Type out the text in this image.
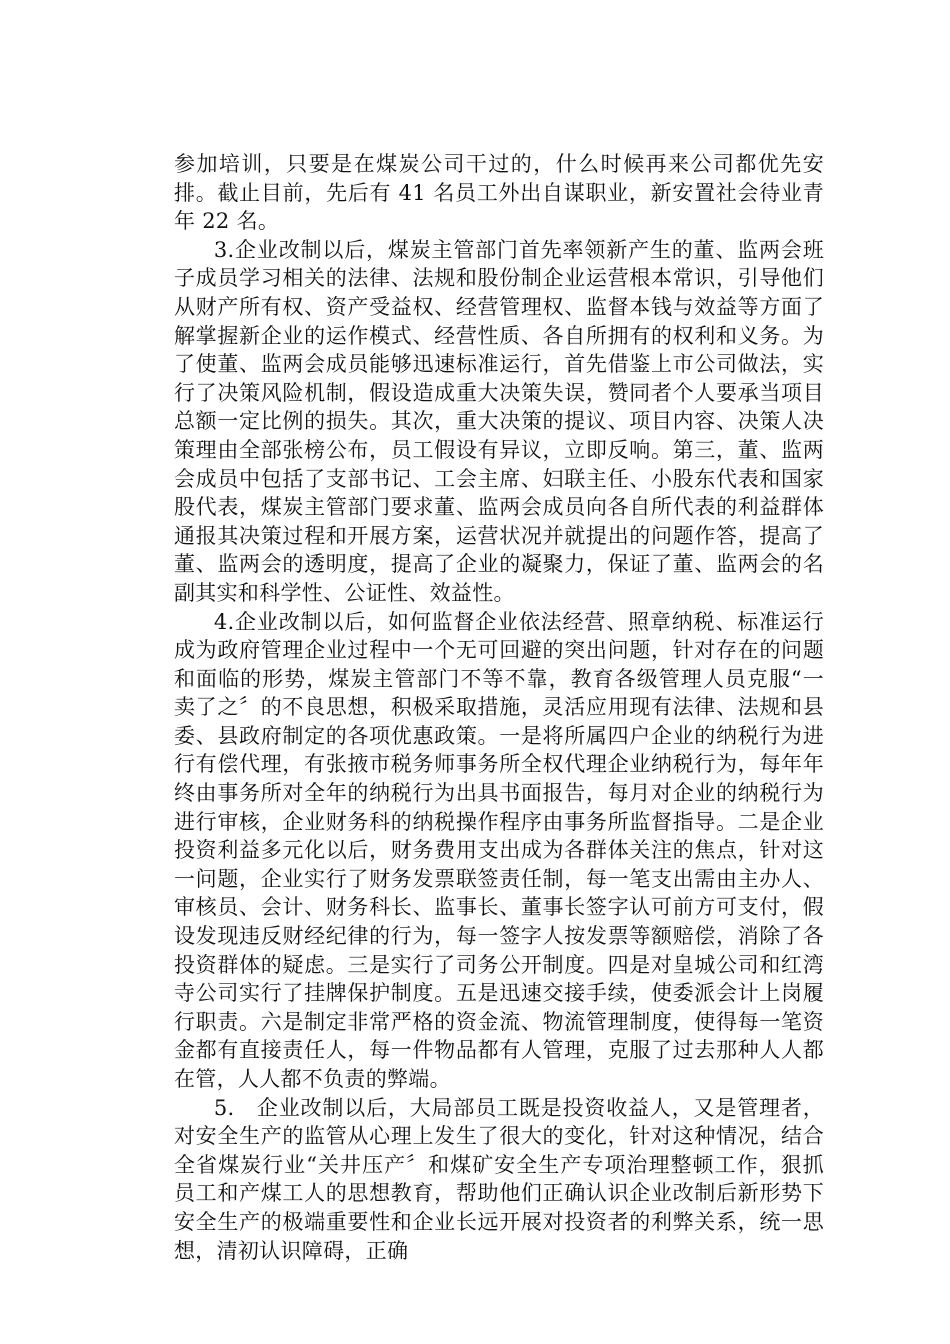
参加培训，只要是在煤炭公司干过的，什么时候再来公司都优先安排。截止目前，先后有 41 名员工外出自谋职业，新安置社会待业青年 22 名。

3.企业改制以后，煤炭主管部门首先率领新产生的董、监两会班子成员学习相关的法律、法规和股份制企业运营根本常识，引导他们从财产所有权、资产受益权、经营管理权、监督本钱与效益等方面了解掌握新企业的运作模式、经营性质、各自所拥有的权利和义务。为了使董、监两会成员能够迅速标准运行，首先借鉴上市公司做法，实行了决策风险机制，假设造成重大决策失误，赞同者个人要承当项目总额一定比例的损失。其次，重大决策的提议、项目内容、决策人决策理由全部张榜公布，员工假设有异议，立即反响。第三，董、监两会成员中包括了支部书记、工会主席、妇联主任、小股东代表和国家股代表，煤炭主管部门要求董、监两会成员向各自所代表的利益群体通报其决策过程和开展方案，运营状况并就提出的问题作答，提高了董、监两会的透明度，提高了企业的凝聚力，保证了董、监两会的名副其实和科学性、公证性、效益性。

4.企业改制以后，如何监督企业依法经营、照章纳税、标准运行成为政府管理企业过程中一个无可回避的突出问题，针对存在的问题和面临的形势，煤炭主管部门不等不靠，教育各级管理人员克服“一卖了之〞的不良思想，积极采取措施，灵活应用现有法律、法规和县委、县政府制定的各项优惠政策。一是将所属四户企业的纳税行为进行有偿代理，有张掖市税务师事务所全权代理企业纳税行为，每年年终由事务所对全年的纳税行为出具书面报告，每月对企业的纳税行为进行审核，企业财务科的纳税操作程序由事务所监督指导。二是企业投资利益多元化以后，财务费用支出成为各群体关注的焦点，针对这一问题，企业实行了财务发票联签责任制，每一笔支出需由主办人、审核员、会计、财务科长、监事长、董事长签字认可前方可支付，假设发现违反财经纪律的行为，每一签字人按发票等额赔偿，消除了各投资群体的疑虑。三是实行了司务公开制度。四是对皇城公司和红湾寺公司实行了挂牌保护制度。五是迅速交接手续，使委派会计上岗履行职责。六是制定非常严格的资金流、物流管理制度，使得每一笔资金都有直接责任人，每一件物品都有人管理，克服了过去那种人人都在管，人人都不负责的弊端。

5.　企业改制以后，大局部员工既是投资收益人，又是管理者，对安全生产的监管从心理上发生了很大的变化，针对这种情况，结合全省煤炭行业“关井压产〞和煤矿安全生产专项治理整顿工作，狠抓员工和产煤工人的思想教育，帮助他们正确认识企业改制后新形势下安全生产的极端重要性和企业长远开展对投资者的利弊关系，统一思想，清初认识障碍，正确
